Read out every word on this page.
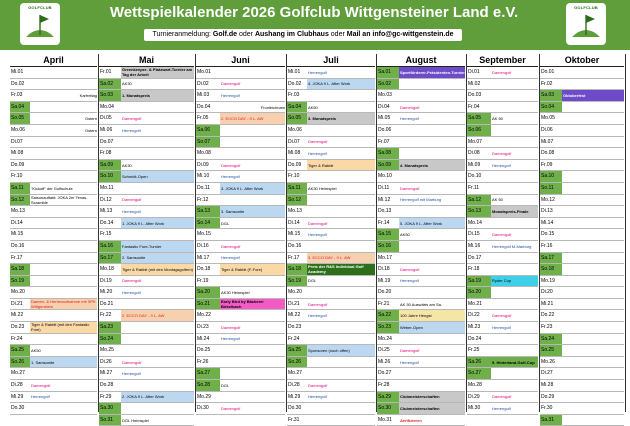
GOLFCLUB	GOLFCLUB
Wettspielkalender 2026 Golfclub Wittgensteiner Land e.V.
Turnieranmeldung: Golf.de oder Aushang im Clubhaus oder Mail an info@gc-wittgenstein.de
April
Mi.01
Do.02
Fr.03	Karfreitag
Sa.04
So.05	Ostern
Mo.06	Ostern
Di.07
Mi.08
Do.09
Fr.10
Sa.11	"Kickoff" der Golfschule
So.12	Saisonauftakt: JOKA 2er Texas-Scramble
Mo.13
Di.14
Mi.15
Do.16
Fr.17
Sa.18
So.19
Mo.20
Di.21	Damen- & Herrenaufnahme mit SPK Wittgenstein
Mi.22
Do.23	Tiger & Rabbit (mit den Fantastic Fore)
Fr.24
Sa.25	AK50
So.26	1. Samsonite
Mo.27
Di.28	Damengolf
Mi.29	Herrengolf
Do.30
Mai
Fr.01	Greenkeeper- & Platzwart-Turnier am Tag der Arbeit
Sa.02	AK30
So.03	1. Monatspreis
Mo.04
Di.05	Damengolf
Mi.06	Herrengolf
Do.07
Fr.08
Sa.09	AK30
So.10	Schmidt-Open
Mo.11
Di.12	Damengolf
Mi.13	Herrengolf
Do.14	1. JOKA 9 L. After Work
Fr.15
Sa.16	Fantastic Fore-Turnier
So.17	2. Samsonite
Mo.18	Tiger & Rabbit (mit den Montagsgolfern)
Di.19	Damengolf
Mi.20	Herrengolf
Do.21
Fr.22	2. ECCO DAY - 9 L. AW
Sa.23
So.24
Mo.25
Di.26	Damengolf
Mi.27	Herrengolf
Do.28
Fr.29	2. JOKA 9 L. After Work
Sa.30
So.31	DGL Heimspiel
Juni
Mo.01
Di.02	Damengolf
Mi.03	Herrengolf
Do.04	Fronleichnam
Fr.05	2. ECCO DAY - 9 L. AW
Sa.06
So.07
Mo.08
Di.09	Damengolf
Mi.10	Herrengolf
Do.11	3. JOKA 9 L. After Work
Fr.12
Sa.13	3. Samsonite
So.14	DGL
Mo.15
Di.16	Damengolf
Mi.17	Herrengolf
Do.18	Tiger & Rabbit (F-Fore)
Fr.19
Sa.20	AK30 Heimspiel
So.21	Early Bird by Bäckerei Birkelbach
Mo.22
Di.23	Damengolf
Mi.24	Herrengolf
Do.25
Fr.26
Sa.27
So.28	DGL
Mo.29
Di.30	Damengolf
Juli
Mi.01	Herrengolf
Do.02	4. JOKA 9 L. After Work
Fr.03
Sa.04	AK50
So.05	3. Monatspreis
Mo.06
Di.07	Damengolf
Mi.08	Herrengolf
Do.09	Tiger & Rabbit
Fr.10
Sa.11	AK30 Heimspiel
So.12
Mo.13
Di.14	Damengolf
Mi.15	Herrengolf
Do.16
Fr.17	3. ECCO DAY - 9 L. AW
Sa.18	Preis der R&S Individual Golf Academy
So.19	DGL
Mo.20
Di.21	Damengolf
Mi.22	Herrengolf
Do.23
Fr.24
Sa.25	Sponsoren (noch offen)
So.26
Mo.27
Di.28	Damengolf
Mi.29	Herrengolf
Do.30
Fr.31
August
Sa.01	Sportförderer-Präsidenten-Turnier
So.02
Mo.03
Di.04	Damengolf
Mi.05	Herrengolf
Do.06
Fr.07
Sa.08
So.09	4. Monatspreis
Mo.10
Di.11	Damengolf
Mi.12	Herrengolf mit Marburg
Do.13
Fr.14	5. JOKA 9 L. After Work
Sa.15	AK50
So.16
Mo.17
Di.18	Damengolf
Mi.19	Herrengolf
Do.20
Fr.21	AK 50 Auswärts am Sa.
Sa.22	100 Jahre Hengst
So.23	Weber-Open
Mo.24
Di.25	Damengolf
Mi.26	Herrengolf
Do.27
Fr.28
Sa.29	Clubmeisterschaften
So.30	Clubmeisterschaften
Mo.31	Aerifizieren
September
Di.01	Damengolf
Mi.02
Do.03
Fr.04
Sa.05	AK 50
So.06
Mo.07
Di.08	Damengolf
Mi.09	Herrengolf
Do.10
Fr.11
Sa.12	AK 50
So.13	Monatspreis-Finale
Mo.14
Di.15	Damengolf
Mi.16	Herrengolf M-Marburg
Do.17
Fr.18
Sa.19	Ryder Cup
So.20
Mo.21
Di.22	Damengolf
Mi.23	Herrengolf
Do.24
Fr.25
Sa.26	5. Hinterland-Golf-Cup
So.27
Mo.28
Di.29	Damengolf
Mi.30	Herrengolf
Oktober
Do.01
Fr.02
Sa.03	Oktoberfest
So.04
Mo.05
Di.06
Mi.07
Do.08
Fr.09
Sa.10
So.11
Mo.12
Di.13
Mi.14
Do.15
Fr.16
Sa.17
So.18
Mo.19
Di.20
Mi.21
Do.22
Fr.23
Sa.24
So.25
Mo.26
Di.27
Mi.28
Do.29
Fr.30
Sa.31
